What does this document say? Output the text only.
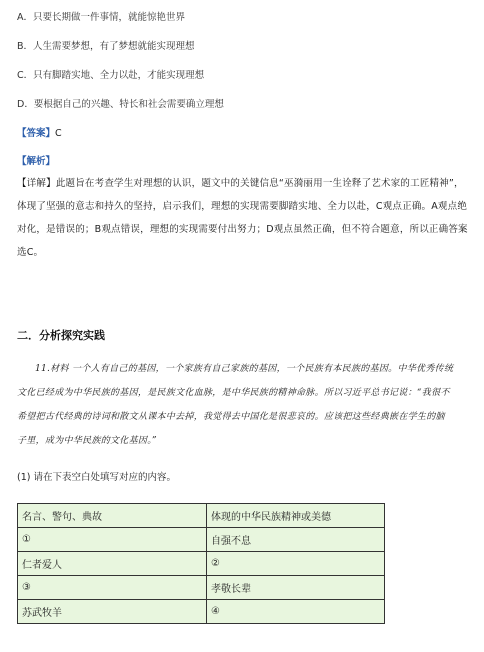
A．只要长期做一件事情，就能惊艳世界
B．人生需要梦想，有了梦想就能实现理想
C．只有脚踏实地、全力以赴，才能实现理想
D．要根据自己的兴趣、特长和社会需要确立理想
【答案】C
【解析】
【详解】此题旨在考查学生对理想的认识，题文中的关键信息“巫漪丽用一生诠释了艺术家的工匠精神”，
体现了坚强的意志和持久的坚持，启示我们，理想的实现需要脚踏实地、全力以赴，C观点正确。A观点绝
对化，是错误的；B观点错误，理想的实现需要付出努力；D观点虽然正确，但不符合题意，所以正确答案
选C。
二．分析探究实践
11.材料 一个人有自己的基因，一个家族有自己家族的基因，一个民族有本民族的基因。中华优秀传统
文化已经成为中华民族的基因，是民族文化血脉，是中华民族的精神命脉。所以习近平总书记说：“我很不
希望把古代经典的诗词和散文从课本中去掉，我觉得去中国化是很悲哀的。应该把这些经典嵌在学生的脑
子里，成为中华民族的文化基因。”
(1) 请在下表空白处填写对应的内容。
名言、警句、典故	体现的中华民族精神或美德
①	自强不息
仁者爱人	②
③	孝敬长辈
苏武牧羊	④
